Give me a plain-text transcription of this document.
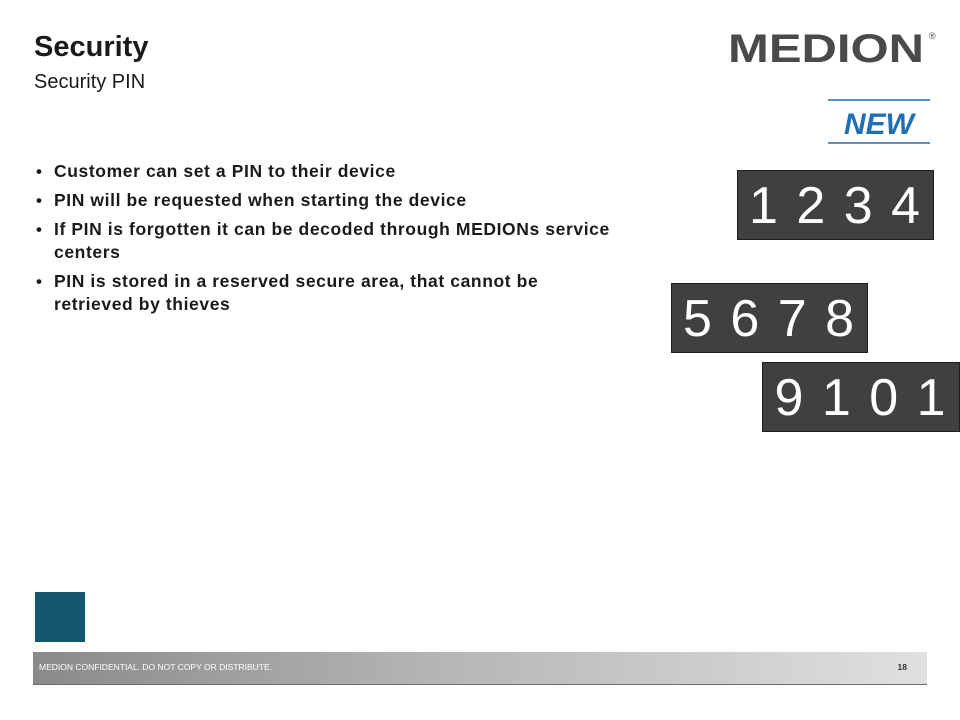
Security
Security PIN
MEDION ®
NEW
• Customer can set a PIN to their device
• PIN will be requested when starting the device
• If PIN is forgotten it can be decoded through MEDIONs service centers
• PIN is stored in a reserved secure area, that cannot be retrieved by thieves
1 2 3 4
5 6 7 8
9 1 0 1
MEDION CONFIDENTIAL. DO NOT COPY OR DISTRIBUTE.	18
